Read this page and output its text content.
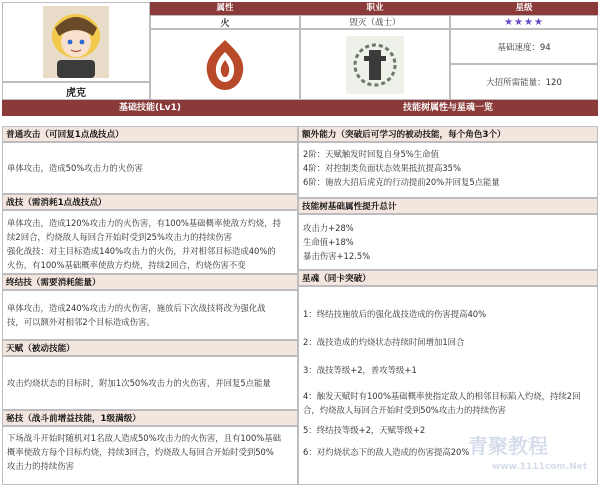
虎克
属性
火
职业
毁灭（战士）
星级
★★★★
基础速度：94
大招所需能量：120
基础技能(Lv1)	技能树属性与星魂一览
普通攻击（可回复1点战技点）
单体攻击，造成50%攻击力的火伤害
战技（需消耗1点战技点）
单体攻击，造成120%攻击力的火伤害，有100%基础概率使敌方灼烧，持
续2回合，灼烧敌人每回合开始时受到25%攻击力的持续伤害
强化战技：对主目标造成140%攻击力的火伤，并对相邻目标造成40%的
火伤，有100%基础概率使敌方灼烧，持续2回合，灼烧伤害不变
终结技（需要消耗能量）
单体攻击，造成240%攻击力的火伤害，施放后下次战技将改为强化战
技，可以额外对相邻2个目标造成伤害。
天赋（被动技能）
攻击灼烧状态的目标时，附加1次50%攻击力的火伤害，并回复5点能量
秘技（战斗前增益技能，1级满级）
下场战斗开始时随机对1名敌人造成50%攻击力的火伤害，且有100%基础
概率使敌方每个目标灼烧，持续3回合，灼烧敌人每回合开始时受到50%
攻击力的持续伤害
额外能力（突破后可学习的被动技能，每个角色3个）
2阶：天赋触发时回复自身5%生命值
4阶：对控制类负面状态效果抵抗提高35%
6阶：施放大招后虎克的行动提前20%并回复5点能量
技能树基础属性提升总计
攻击力+28%
生命值+18%
暴击伤害+12.5%
星魂（同卡突破）
1：终结技施放后的强化战技造成的伤害提高40%
2：战技造成的灼烧状态持续时间增加1回合
3：战技等级+2，普攻等级+1
4：触发天赋时有100%基础概率使指定敌人的相邻目标陷入灼烧，持续2回合，灼烧敌人每回合开始时受到50%攻击力的持续伤害
5：终结技等级+2，天赋等级+2
6：对灼烧状态下的敌人造成的伤害提高20%
青聚教程
www.1111com.Net
